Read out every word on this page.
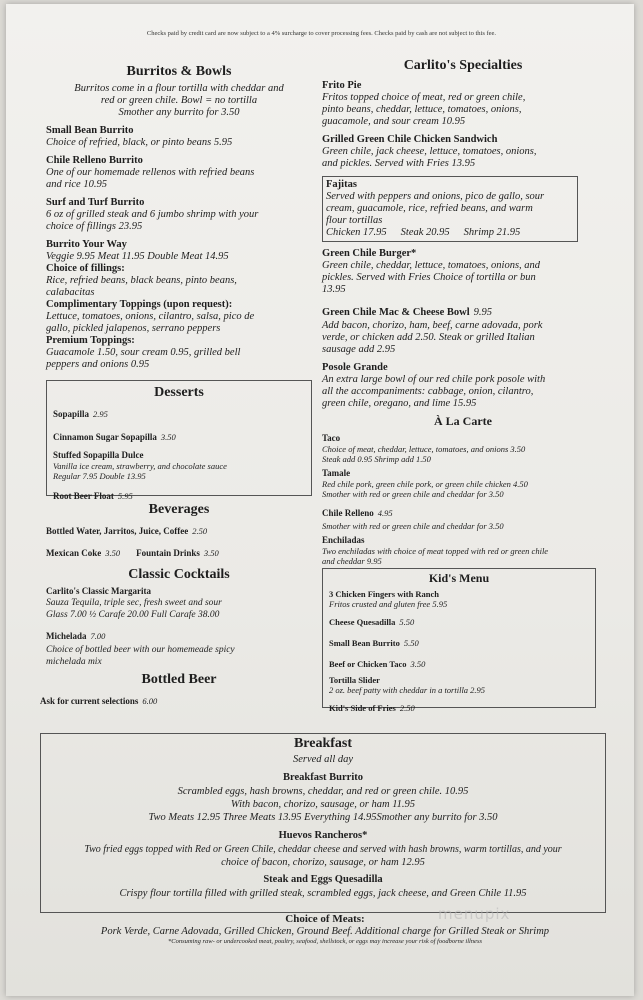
Checks paid by credit card are now subject to a 4% surcharge to cover processing fees. Checks paid by cash are not subject to this fee.
Burritos & Bowls
Burritos come in a flour tortilla with cheddar and
red or green chile. Bowl = no tortilla
Smother any burrito for 3.50
Small Bean Burrito
Choice of refried, black, or pinto beans 5.95
Chile Relleno Burrito
One of our homemade rellenos with refried beans
and rice 10.95
Surf and Turf Burrito
6 oz of grilled steak and 6 jumbo shrimp with your
choice of fillings 23.95
Burrito Your Way
Veggie 9.95 Meat 11.95 Double Meat 14.95
Choice of fillings:
Rice, refried beans, black beans, pinto beans,
calabacitas
Complimentary Toppings (upon request):
Lettuce, tomatoes, onions, cilantro, salsa, pico de
gallo, pickled jalapenos, serrano peppers
Premium Toppings:
Guacamole 1.50, sour cream 0.95, grilled bell
peppers and onions 0.95
Desserts
Sopapilla 2.95
Cinnamon Sugar Sopapilla 3.50
Stuffed Sopapilla Dulce
Vanilla ice cream, strawberry, and chocolate sauce
Regular 7.95 Double 13.95
Root Beer Float 5.95
Beverages
Bottled Water, Jarritos, Juice, Coffee 2.50
Mexican Coke 3.50 Fountain Drinks 3.50
Classic Cocktails
Carlito's Classic Margarita
Sauza Tequila, triple sec, fresh sweet and sour
Glass 7.00 ½ Carafe 20.00 Full Carafe 38.00
Michelada 7.00
Choice of bottled beer with our homemeade spicy
michelada mix
Bottled Beer
Ask for current selections 6.00
Carlito's Specialties
Frito Pie
Fritos topped choice of meat, red or green chile,
pinto beans, cheddar, lettuce, tomatoes, onions,
guacamole, and sour cream 10.95
Grilled Green Chile Chicken Sandwich
Green chile, jack cheese, lettuce, tomatoes, onions,
and pickles. Served with Fries 13.95
Fajitas
Served with peppers and onions, pico de gallo, sour
cream, guacamole, rice, refried beans, and warm
flour tortillas
Chicken 17.95 Steak 20.95 Shrimp 21.95
Green Chile Burger*
Green chile, cheddar, lettuce, tomatoes, onions, and
pickles. Served with Fries Choice of tortilla or bun
13.95
Green Chile Mac & Cheese Bowl 9.95
Add bacon, chorizo, ham, beef, carne adovada, pork
verde, or chicken add 2.50. Steak or grilled Italian
sausage add 2.95
Posole Grande
An extra large bowl of our red chile pork posole with
all the accompaniments: cabbage, onion, cilantro,
green chile, oregano, and lime 15.95
À La Carte
Taco
Choice of meat, cheddar, lettuce, tomatoes, and onions 3.50
Steak add 0.95 Shrimp add 1.50
Tamale
Red chile pork, green chile pork, or green chile chicken 4.50
Smother with red or green chile and cheddar for 3.50
Chile Relleno 4.95
Smother with red or green chile and cheddar for 3.50
Enchiladas
Two enchiladas with choice of meat topped with red or green chile
and cheddar 9.95
Kid's Menu
3 Chicken Fingers with Ranch
Fritos crusted and gluten free 5.95
Cheese Quesadilla 5.50
Small Bean Burrito 5.50
Beef or Chicken Taco 3.50
Tortilla Slider
2 oz. beef patty with cheddar in a tortilla 2.95
Kid's Side of Fries 2.50
Breakfast
Served all day
Breakfast Burrito
Scrambled eggs, hash browns, cheddar, and red or green chile. 10.95
With bacon, chorizo, sausage, or ham 11.95
Two Meats 12.95 Three Meats 13.95 Everything 14.95Smother any burrito for 3.50
Huevos Rancheros*
Two fried eggs topped with Red or Green Chile, cheddar cheese and served with hash browns, warm tortillas, and your
choice of bacon, chorizo, sausage, or ham 12.95
Steak and Eggs Quesadilla
Crispy flour tortilla filled with grilled steak, scrambled eggs, jack cheese, and Green Chile 11.95
menupix
Choice of Meats:
Pork Verde, Carne Adovada, Grilled Chicken, Ground Beef. Additional charge for Grilled Steak or Shrimp
*Consuming raw- or undercooked meat, poultry, seafood, shellstock, or eggs may increase your risk of foodborne illness
